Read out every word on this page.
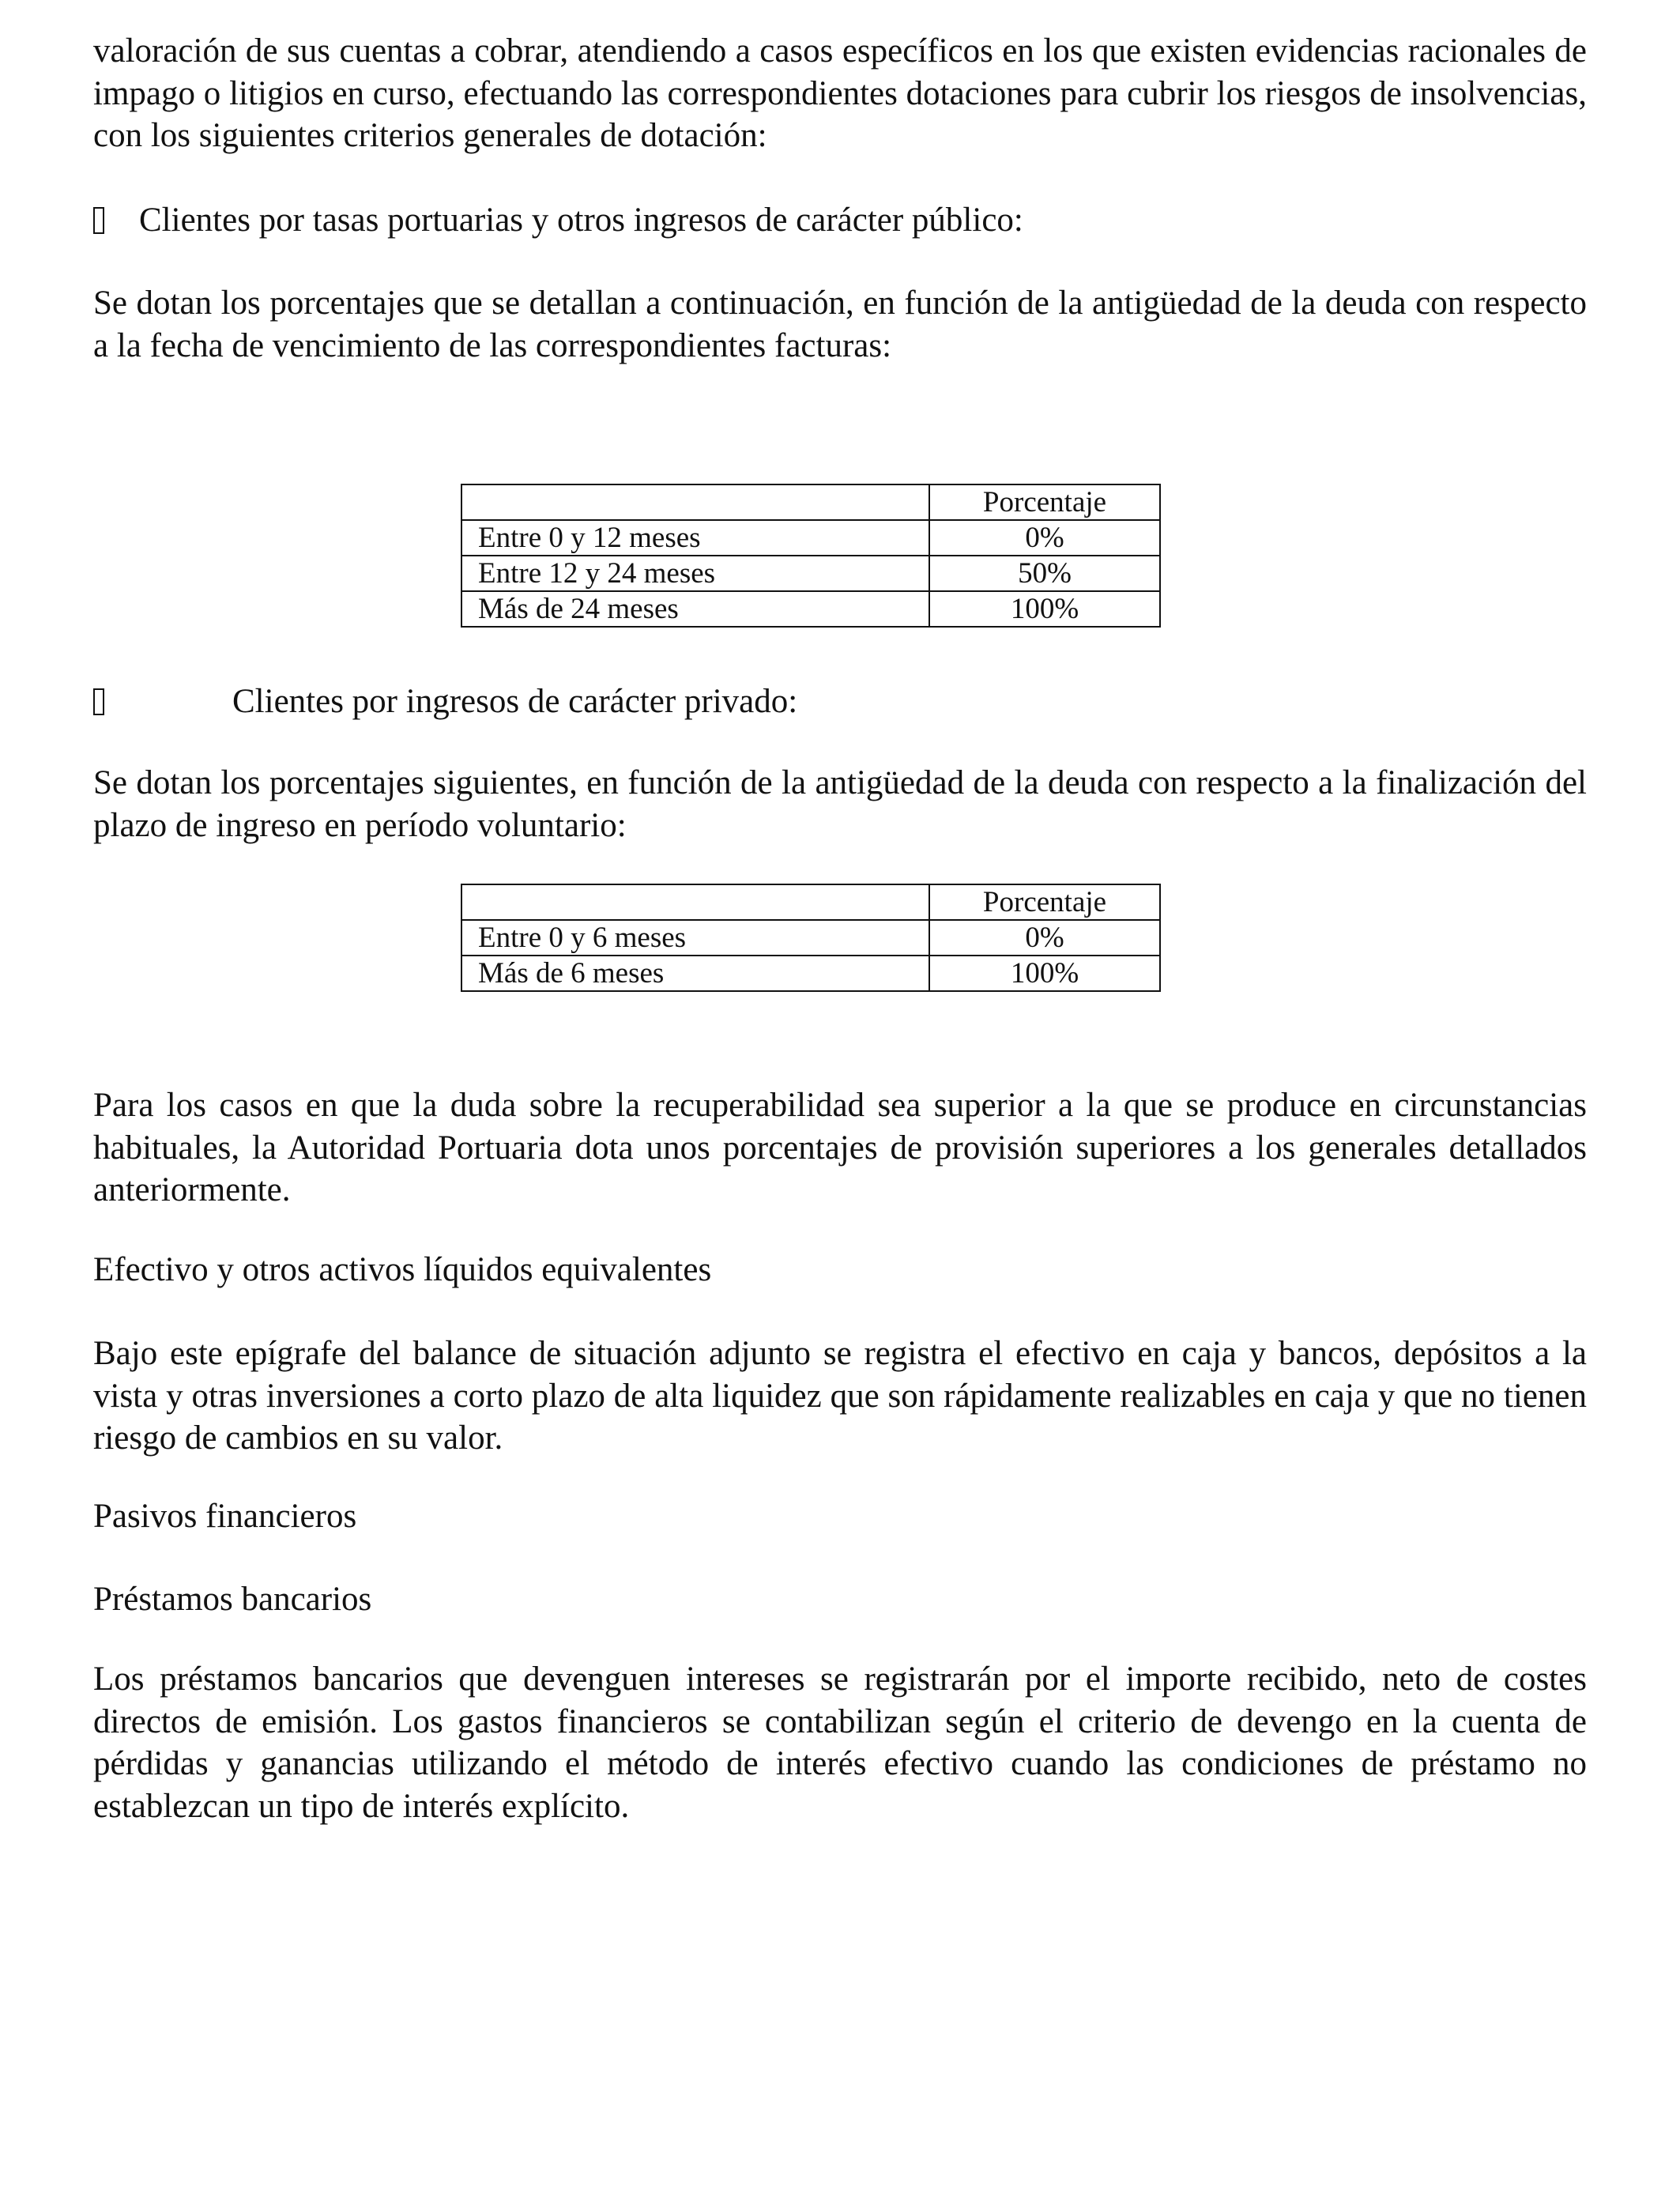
valoración de sus cuentas a cobrar, atendiendo a casos específicos en los que existen evidencias racionales de impago o litigios en curso, efectuando las correspondientes dotaciones para cubrir los riesgos de insolvencias, con los siguientes criterios generales de dotación:

Clientes por tasas portuarias y otros ingresos de carácter público:

Se dotan los porcentajes que se detallan a continuación, en función de la antigüedad de la deuda con respecto a la fecha de vencimiento de las correspondientes facturas:

	Porcentaje
Entre 0 y 12 meses	0%
Entre 12 y 24 meses	50%
Más de 24 meses	100%
Clientes por ingresos de carácter privado:

Se dotan los porcentajes siguientes, en función de la antigüedad de la deuda con respecto a la finalización del plazo de ingreso en período voluntario:

	Porcentaje
Entre 0 y 6 meses	0%
Más de 6 meses	100%

Para los casos en que la duda sobre la recuperabilidad sea superior a la que se produce en circunstancias habituales, la Autoridad Portuaria dota unos porcentajes de provisión superiores a los generales detallados anteriormente.

Efectivo y otros activos líquidos equivalentes

Bajo este epígrafe del balance de situación adjunto se registra el efectivo en caja y bancos, depósitos a la vista y otras inversiones a corto plazo de alta liquidez que son rápidamente realizables en caja y que no tienen riesgo de cambios en su valor.

Pasivos financieros

Préstamos bancarios

Los préstamos bancarios que devenguen intereses se registrarán por el importe recibido, neto de costes directos de emisión. Los gastos financieros se contabilizan según el criterio de devengo en la cuenta de pérdidas y ganancias utilizando el método de interés efectivo cuando las condiciones de préstamo no establezcan un tipo de interés explícito.
